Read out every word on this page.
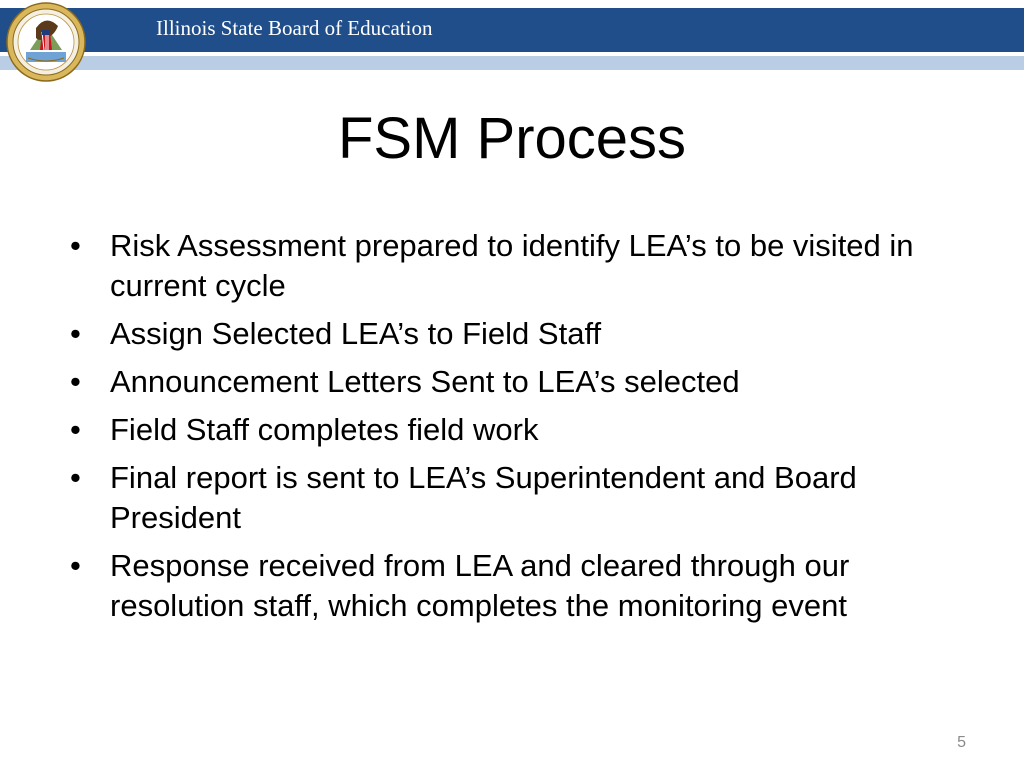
Illinois State Board of Education
FSM Process
• Risk Assessment prepared to identify LEA’s to be visited in current cycle
• Assign Selected LEA’s to Field Staff
• Announcement Letters Sent to LEA’s selected
• Field Staff completes field work
• Final report is sent to LEA’s Superintendent and Board President
• Response received from LEA and cleared through our resolution staff, which completes the monitoring event
5
